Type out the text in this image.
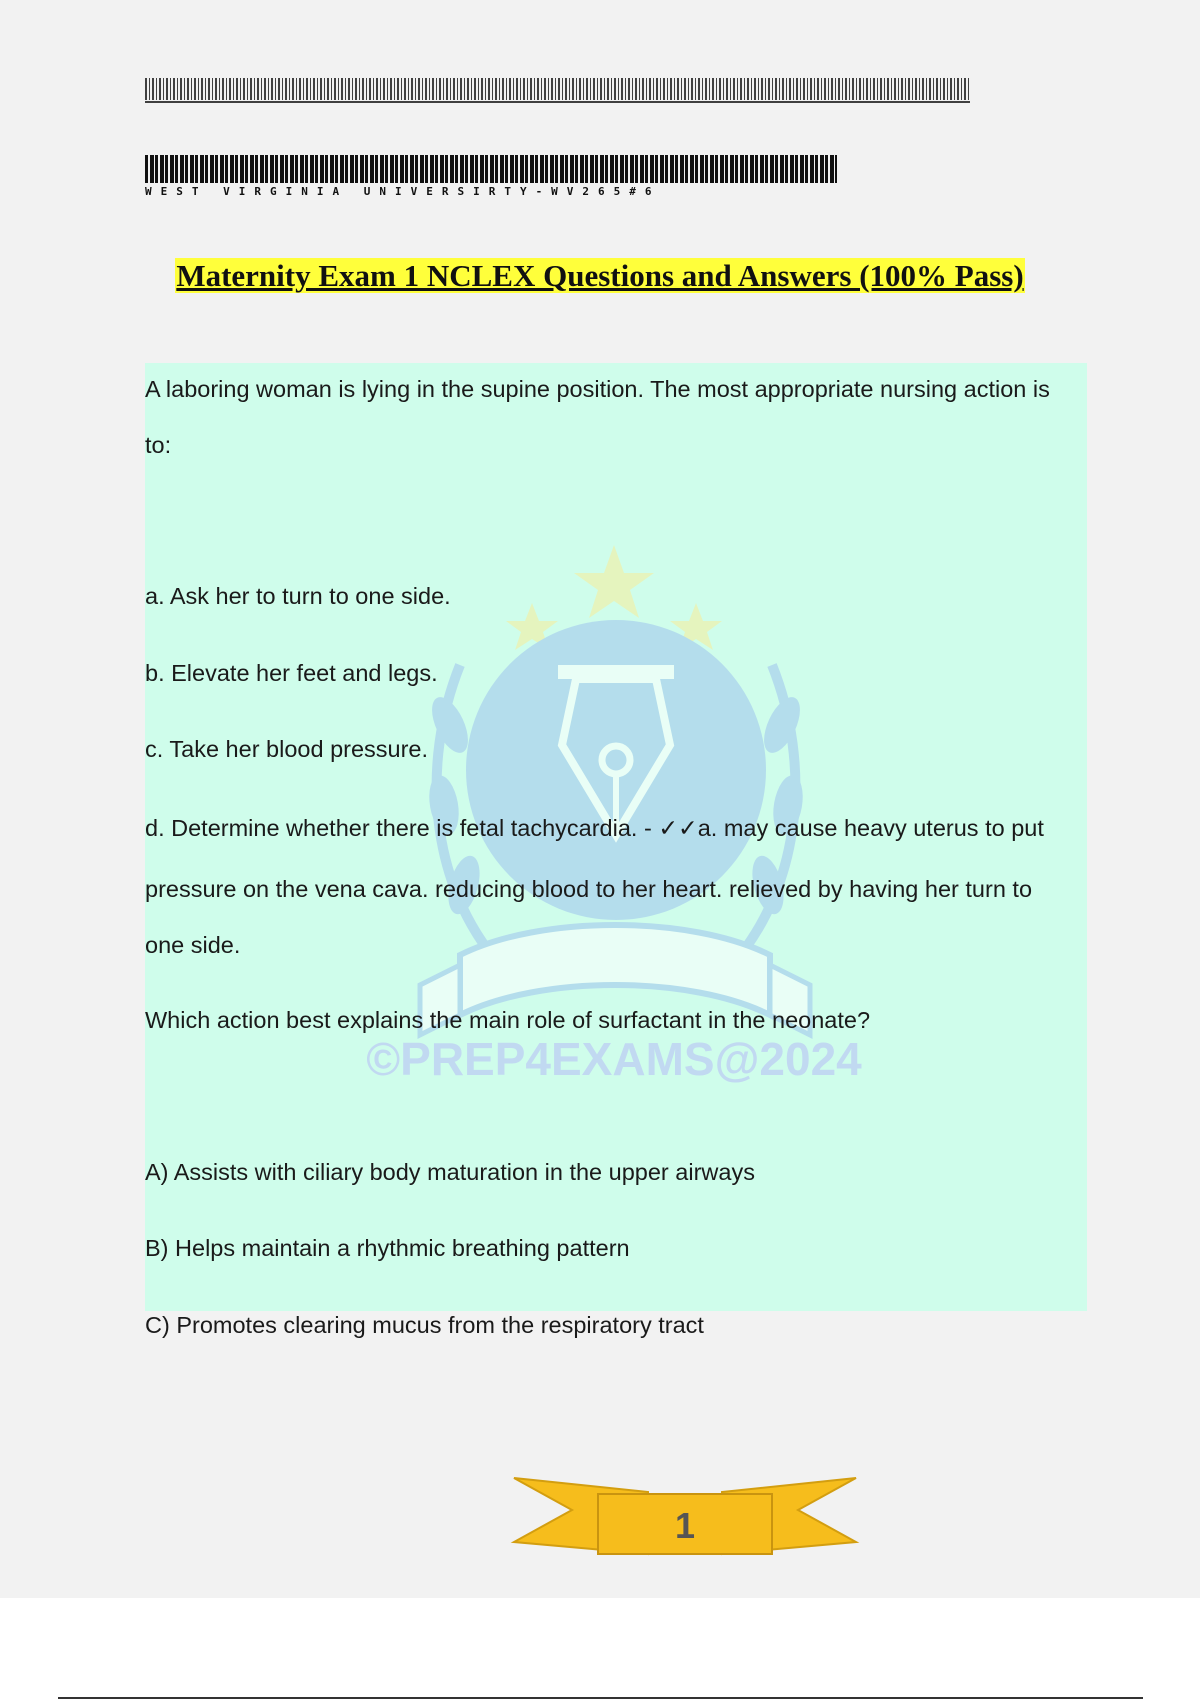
WEST VIRGINIA UNIVERSIRTY-WV265#6
Maternity Exam 1 NCLEX Questions and Answers (100% Pass)
©PREP4EXAMS@2024
A laboring woman is lying in the supine position. The most appropriate nursing action is
to:
a. Ask her to turn to one side.
b. Elevate her feet and legs.
c. Take her blood pressure.
d. Determine whether there is fetal tachycardia. - ✓✓a. may cause heavy uterus to put
pressure on the vena cava. reducing blood to her heart. relieved by having her turn to
one side.
Which action best explains the main role of surfactant in the neonate?
A) Assists with ciliary body maturation in the upper airways
B) Helps maintain a rhythmic breathing pattern
C) Promotes clearing mucus from the respiratory tract
1
